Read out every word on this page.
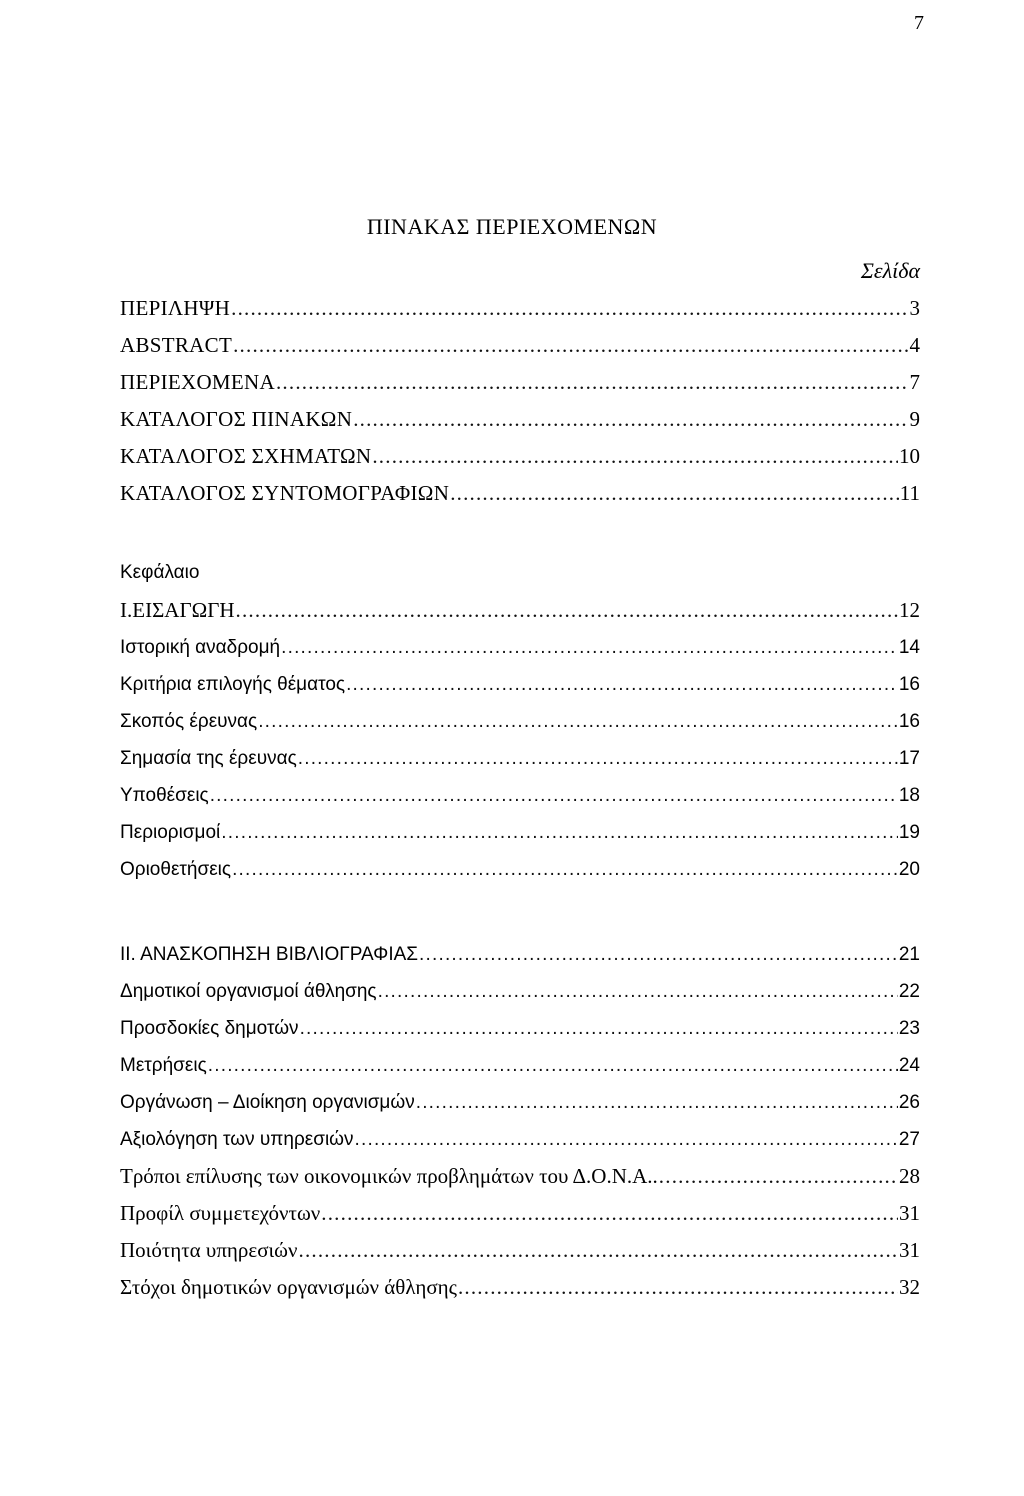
7
ΠΙΝΑΚΑΣ ΠΕΡΙΕΧΟΜΕΝΩΝ
Σελίδα
ΠΕΡΙΛΗΨΗ .....	3
ABSTRACT .....	4
ΠΕΡΙΕΧΟΜΕΝΑ .....	7
ΚΑΤΑΛΟΓΟΣ ΠΙΝΑΚΩΝ .....	9
ΚΑΤΑΛΟΓΟΣ ΣΧΗΜΑΤΩΝ .....	10
ΚΑΤΑΛΟΓΟΣ ΣΥΝΤΟΜΟΓΡΑΦΙΩΝ .....	11
Κεφάλαιο
Ι.ΕΙΣΑΓΩΓΗ .....	12
Ιστορική αναδρομή .....	14
Κριτήρια επιλογής θέματος .....	16
Σκοπός έρευνας .....	16
Σημασία της έρευνας .....	17
Υποθέσεις .....	18
Περιορισμοί .....	19
Οριοθετήσεις .....	20
ΙΙ. ΑΝΑΣΚΟΠΗΣΗ ΒΙΒΛΙΟΓΡΑΦΙΑΣ .....	21
Δημοτικοί οργανισμοί άθλησης .....	22
Προσδοκίες δημοτών .....	23
Μετρήσεις .....	24
Οργάνωση – Διοίκηση οργανισμών .....	26
Αξιολόγηση των υπηρεσιών .....	27
Τρόποι επίλυσης των οικονομικών προβλημάτων του Δ.Ο.Ν.Α.. .....	28
Προφίλ συμμετεχόντων .....	31
Ποιότητα υπηρεσιών .....	31
Στόχοι δημοτικών οργανισμών άθλησης .....	32
